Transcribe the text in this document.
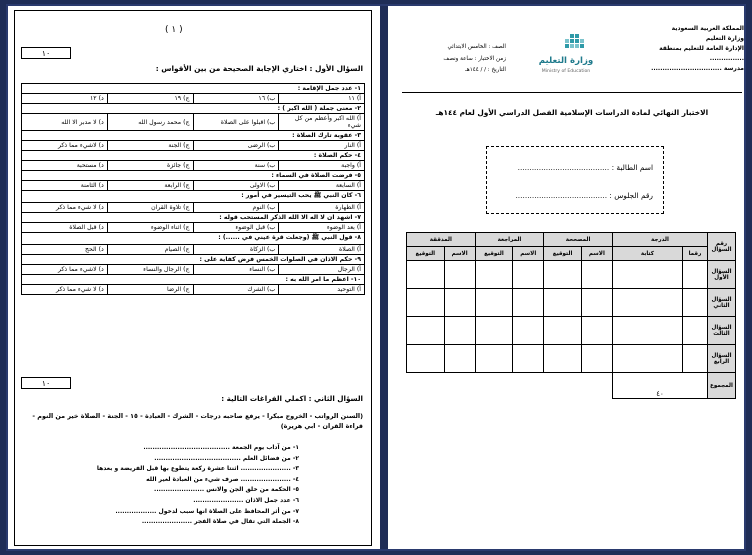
( ١ )
١٠
السؤال الأول : اختاري الإجابة الصحيحة من بين الأقواس :
١- عدد جمل الإقامة :			
أ) ١١	ب) ١٦	ج) ١٩	د) ١٢
٢- معنى جملة ( الله اكبر ) :			
أ) الله اكبر وأعظم من كل شيء	ب) اقبلوا على الصلاة	ج) محمد رسول الله	د) لا مدبر الا الله
٣- عقوبة تارك الصلاة :			
أ) النار	ب) الرضى	ج) الجنة	د) لاشيء مما ذكر
٤- حكم الصلاة :			
أ) واجبة	ب) سنة	ج) جائزة	د) مستحبة
٥- فرضت الصلاة في السماء :			
أ) السابعة	ب) الاولى	ج) الرابعة	د) الثامنة
٦- كان النبي ﷺ يحب التيسير في أمور :			
أ) الطهارة	ب) النوم	ج) تلاوة القران	د) لا شيء مما ذكر
٧- اشهد ان لا اله الا الله الذكر المستحب قوله :			
أ) بعد الوضوء	ب) قبل الوضوء	ج) اثناء الوضوء	د) قبل الصلاة
٨- قول النبي ﷺ (وجعلت قرة عيني في ......) :			
أ) الصلاة	ب) الزكاة	ج) الصيام	د) الحج
٩- حكم الاذان في الصلوات الخمس فرض كفاية على :			
أ) الرجال	ب) النساء	ج) الرجال والنساء	د) لاشيء مما ذكر
١٠- اعظم ما امر الله به :			
أ) التوحيد	ب) الشرك	ج) الرضا	د) لا شيء مما ذكر
١٠
السؤال الثاني : اكملي الفراغات التالية :
(السنن الرواتب - الخروج مبكرا - يرفع صاحبه درجات - الشرك - العبادة - ١٥ - الجنة - الصلاة خير من النوم - قراءة القران - ابي هريرة)
١- من آداب يوم الجمعة ......................................
٢- من فضائل العلم ......................................
٣- ...................... اثنتا عشرة ركعة يتطوع بها قبل الفريضة و بعدها
٤- ...................... صرف شيء من العبادة لغير الله
٥- الحكمة من خلق الجن والانس ......................
٦- عدد جمل الاذان ......................
٧- من أثر المحافظ على الصلاة انها سبب لدخول ..................
٨- الجملة التي تقال في صلاة الفجر ......................
المملكة العربية السعودية
وزارة التعليم
الإدارة العامة للتعليم بمنطقة ...............
مدرسة ...............................
وزارة التعليم
Ministry of Education
الصف : الخامس الابتدائي
زمن الاختبار : ساعة ونصف
التاريخ : / / ١٤٤هـ
الاختبار النهائي لمادة الدراسات الإسلامية الفصل الدراسي الأول لعام ١٤٤هـ
اسم الطالبة : .......................................
رقم الجلوس : .......................................
رقم السؤال	الدرجة		المصححة		المراجعة		المدققة	
	رقما	كتابة	الاسم	التوقيع	الاسم	التوقيع	الاسم	التوقيع
السؤال الأول								
السؤال الثاني								
السؤال الثالث								
السؤال الرابع								
المجموع	٤٠							
